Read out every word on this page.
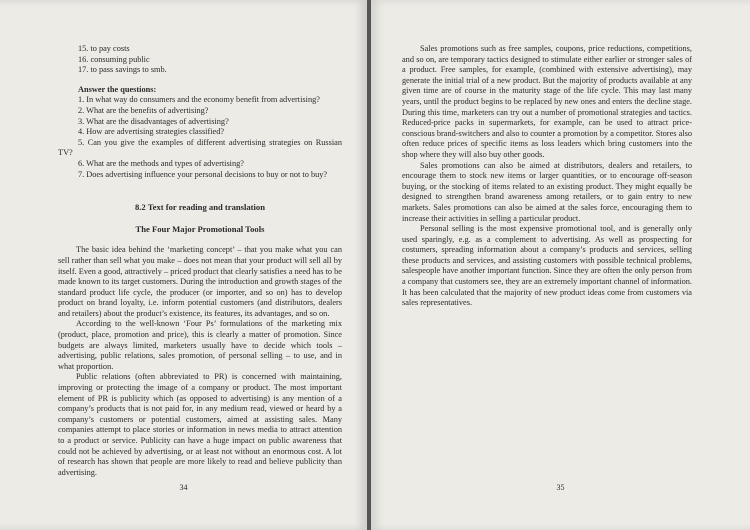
15. to pay costs

16. consuming public

17. to pass savings to smb.

Answer the questions:

1. In what way do consumers and the economy benefit from advertising?

2. What are the benefits of advertising?

3. What are the disadvantages of advertising?

4. How are advertising strategies classified?

5. Can you give the examples of different advertising strategies on Russian TV?

6. What are the methods and types of advertising?

7. Does advertising influence your personal decisions to buy or not to buy?

8.2 Text for reading and translation

The Four Major Promotional Tools

The basic idea behind the ‘marketing concept’ – that you make what you can sell rather than sell what you make – does not mean that your product will sell all by itself. Even a good, attractively – priced product that clearly satisfies a need has to be made known to its target customers. During the introduction and growth stages of the standard product life cycle, the producer (or importer, and so on) has to develop product on brand loyalty, i.e. inform potential customers (and distributors, dealers and retailers) about the product’s existence, its features, its advantages, and so on.

According to the well-known ‘Four Ps’ formulations of the marketing mix (product, place, promotion and price), this is clearly a matter of promotion. Since budgets are always limited, marketers usually have to decide which tools – advertising, public relations, sales promotion, of personal selling – to use, and in what proportion.

Public relations (often abbreviated to PR) is concerned with maintaining, improving or protecting the image of a company or product. The most important element of PR is publicity which (as opposed to advertising) is any mention of a company’s products that is not paid for, in any medium read, viewed or heard by a company’s customers or potential customers, aimed at assisting sales. Many companies attempt to place stories or information in news media to attract attention to a product or service. Publicity can have a huge impact on public awareness that could not be achieved by advertising, or at least not without an enormous cost. A lot of research has shown that people are more likely to read and believe publicity than advertising.

34

Sales promotions such as free samples, coupons, price reductions, competitions, and so on, are temporary tactics designed to stimulate either earlier or stronger sales of a product. Free samples, for example, (combined with extensive advertising), may generate the initial trial of a new product. But the majority of products available at any given time are of course in the maturity stage of the life cycle. This may last many years, until the product begins to be replaced by new ones and enters the decline stage. During this time, marketers can try out a number of promotional strategies and tactics. Reduced-price packs in supermarkets, for example, can be used to attract price-conscious brand-switchers and also to counter a promotion by a competitor. Stores also often reduce prices of specific items as loss leaders which bring customers into the shop where they will also buy other goods.

Sales promotions can also be aimed at distributors, dealers and retailers, to encourage them to stock new items or larger quantities, or to encourage off-season buying, or the stocking of items related to an existing product. They might equally be designed to strengthen brand awareness among retailers, or to gain entry to new markets. Sales promotions can also be aimed at the sales force, encouraging them to increase their activities in selling a particular product.

Personal selling is the most expensive promotional tool, and is generally only used sparingly, e.g. as a complement to advertising. As well as prospecting for costumers, spreading information about a company’s products and services, selling these products and services, and assisting customers with possible technical problems, salespeople have another important function. Since they are often the only person from a company that customers see, they are an extremely important channel of information. It has been calculated that the majority of new product ideas come from customers via sales representatives.

35
